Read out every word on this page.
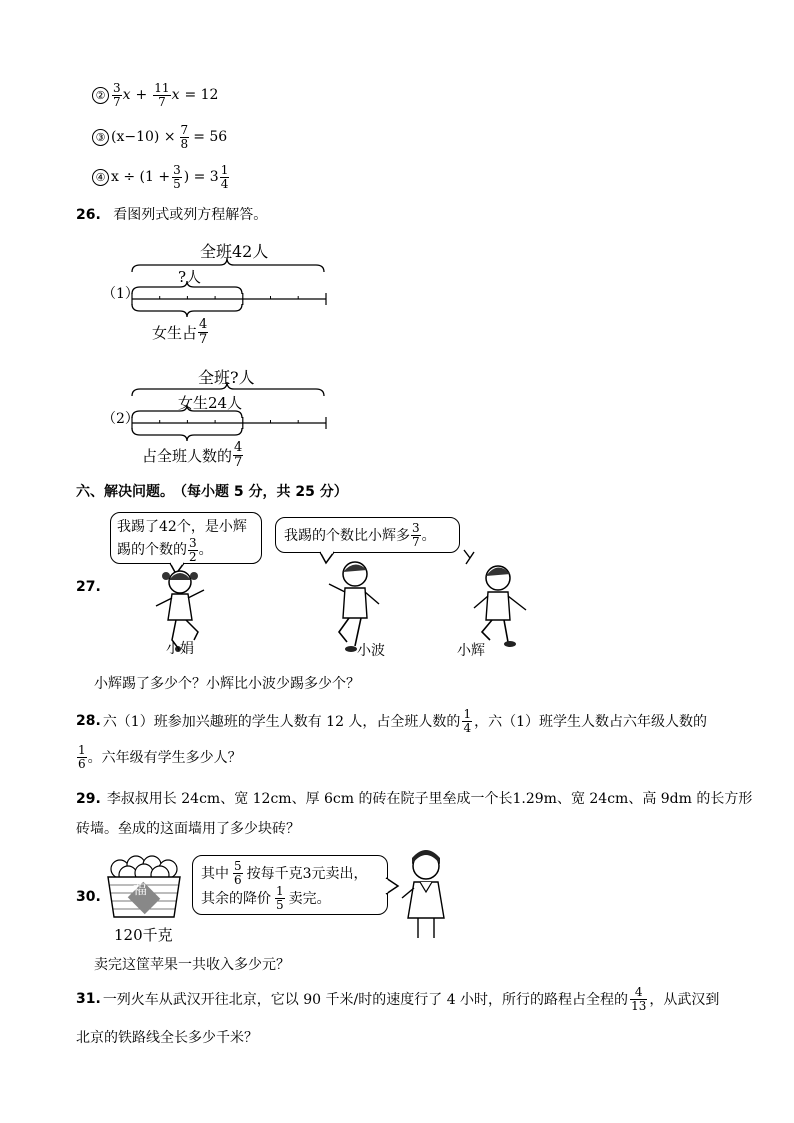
② $\frac{3}{7}$ $x + \frac{11}{7}$ x = 12
③ $(x-10) \times \frac{7}{8} = 56$
④ $x \div (1 + \frac{3}{5}$ ) = $3 \frac{1}{4}$
26. 看图列式或列方程解答。
（1）
全班42人
?人
女生占 $\frac{4}{7}$
（2）
全班?人
女生24人
占全班人数的 $\frac{4}{7}$
六、解决问题。 （每小题 5 分，共 25 分）
27.
我踢了42个，是小辉
踢的个数的 $\frac{3}{2}$ 。
我踢的个数比小辉多 $\frac{3}{7}$ 。
小娟	小波	小辉
小辉踢了多少个？小辉比小波少踢多少个？
28. 六（1）班参加兴趣班的学生人数有 12 人，占全班人数的 $\frac{1}{4}$ ，六（1）班学生人数占六年级人数的
$\frac{1}{6}$ 。六年级有学生多少人？
29. 李叔叔用长 24cm、宽 12cm、厚 6cm 的砖在院子里垒成一个长1.29m、宽 24cm、高 9dm 的长方形
砖墙。垒成的这面墙用了多少块砖？
30. 福
120千克
其中 $\frac{5}{6}$ 按每千克3元卖出，
其余的降价 $\frac{1}{5}$ 卖完。
卖完这筐苹果一共收入多少元？
31. 一列火车从武汉开往北京，它以 90 千米/时的速度行了 4 小时，所行的路程占全程的 $\frac{4}{13}$ ，从武汉到
北京的铁路线全长多少千米？
